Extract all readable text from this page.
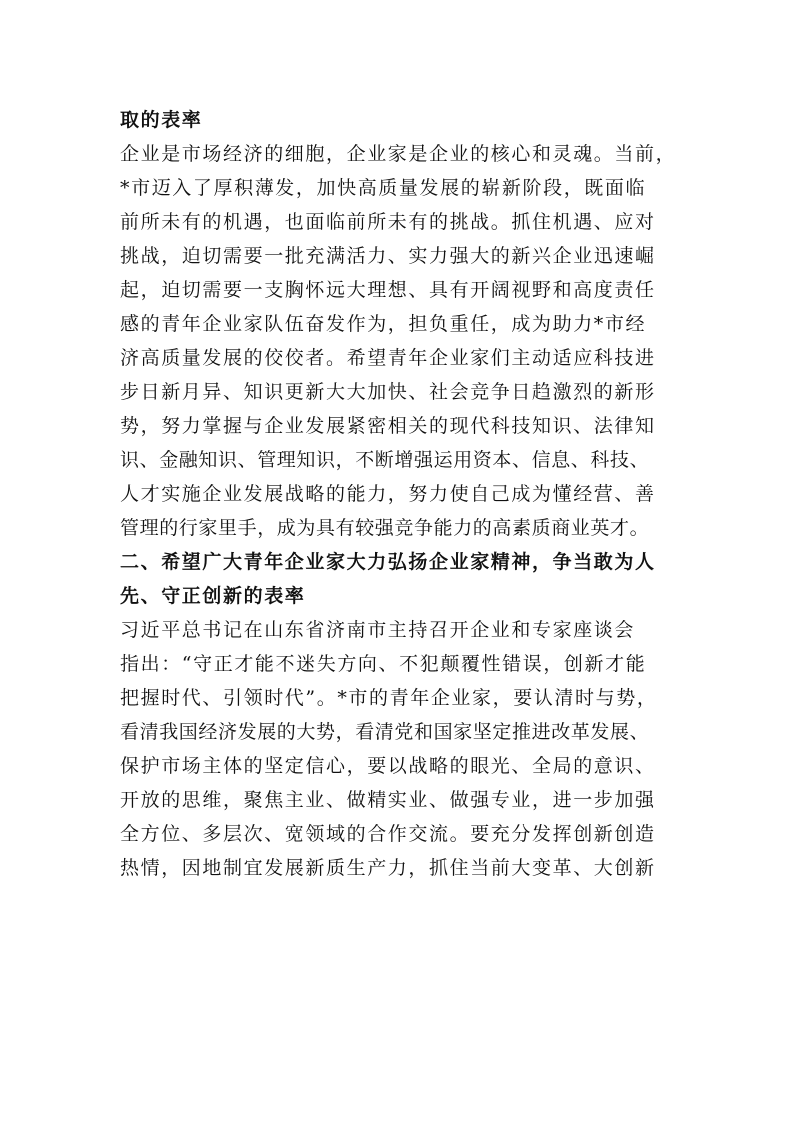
取的表率
企业是市场经济的细胞，企业家是企业的核心和灵魂。当前，
*市迈入了厚积薄发，加快高质量发展的崭新阶段，既面临
前所未有的机遇，也面临前所未有的挑战。抓住机遇、应对
挑战，迫切需要一批充满活力、实力强大的新兴企业迅速崛
起，迫切需要一支胸怀远大理想、具有开阔视野和高度责任
感的青年企业家队伍奋发作为，担负重任，成为助力*市经
济高质量发展的佼佼者。希望青年企业家们主动适应科技进
步日新月异、知识更新大大加快、社会竞争日趋激烈的新形
势，努力掌握与企业发展紧密相关的现代科技知识、法律知
识、金融知识、管理知识，不断增强运用资本、信息、科技、
人才实施企业发展战略的能力，努力使自己成为懂经营、善
管理的行家里手，成为具有较强竞争能力的高素质商业英才。
二、希望广大青年企业家大力弘扬企业家精神，争当敢为人
先、守正创新的表率
习近平总书记在山东省济南市主持召开企业和专家座谈会
指出：“守正才能不迷失方向、不犯颠覆性错误，创新才能
把握时代、引领时代”。*市的青年企业家，要认清时与势，
看清我国经济发展的大势，看清党和国家坚定推进改革发展、
保护市场主体的坚定信心，要以战略的眼光、全局的意识、
开放的思维，聚焦主业、做精实业、做强专业，进一步加强
全方位、多层次、宽领域的合作交流。要充分发挥创新创造
热情，因地制宜发展新质生产力，抓住当前大变革、大创新
